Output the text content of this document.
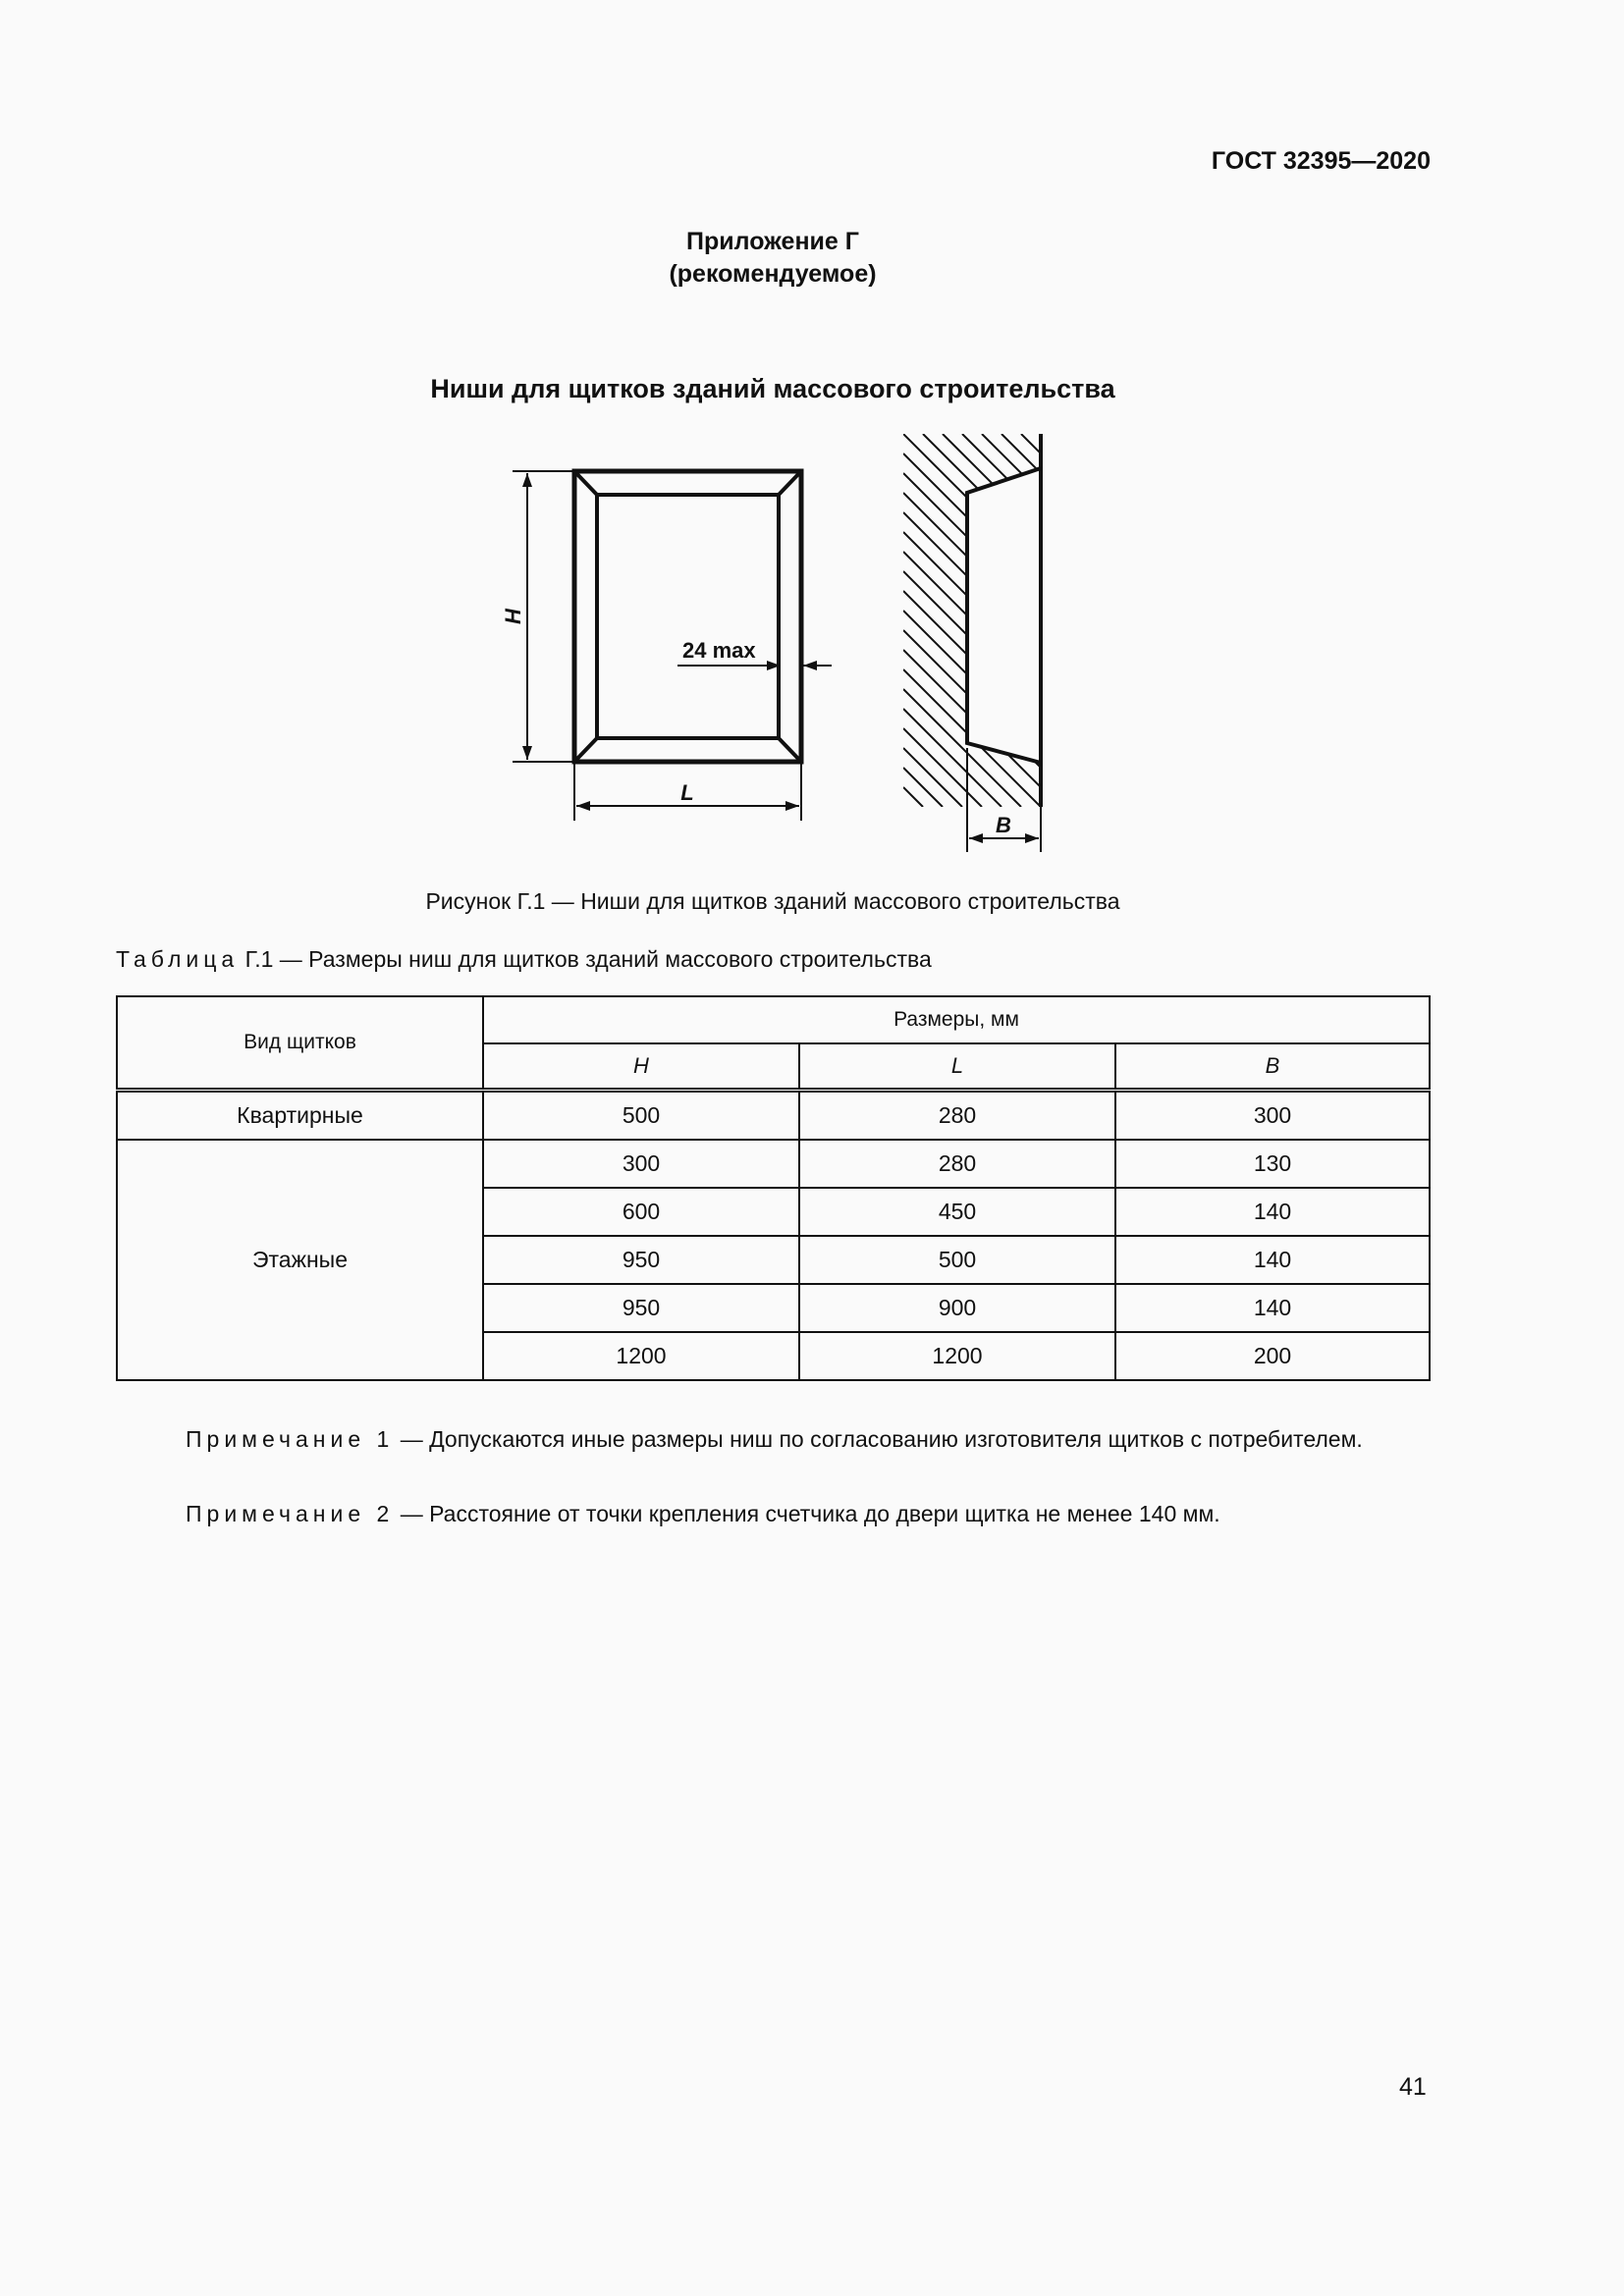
ГОСТ 32395—2020
Приложение Г
(рекомендуемое)
Ниши для щитков зданий массового строительства
H
L
24 max
B
Рисунок Г.1 — Ниши для щитков зданий массового строительства
Таблица Г.1 — Размеры ниш для щитков зданий массового строительства
Вид щитков	Размеры, мм		
	H	L	B
Квартирные	500	280	300
Этажные	300	280	130
	600	450	140
	950	500	140
	950	900	140
	1200	1200	200
Примечание 1 — Допускаются иные размеры ниш по согласованию изготовителя щитков с потребителем.
Примечание 2 — Расстояние от точки крепления счетчика до двери щитка не менее 140 мм.
41
